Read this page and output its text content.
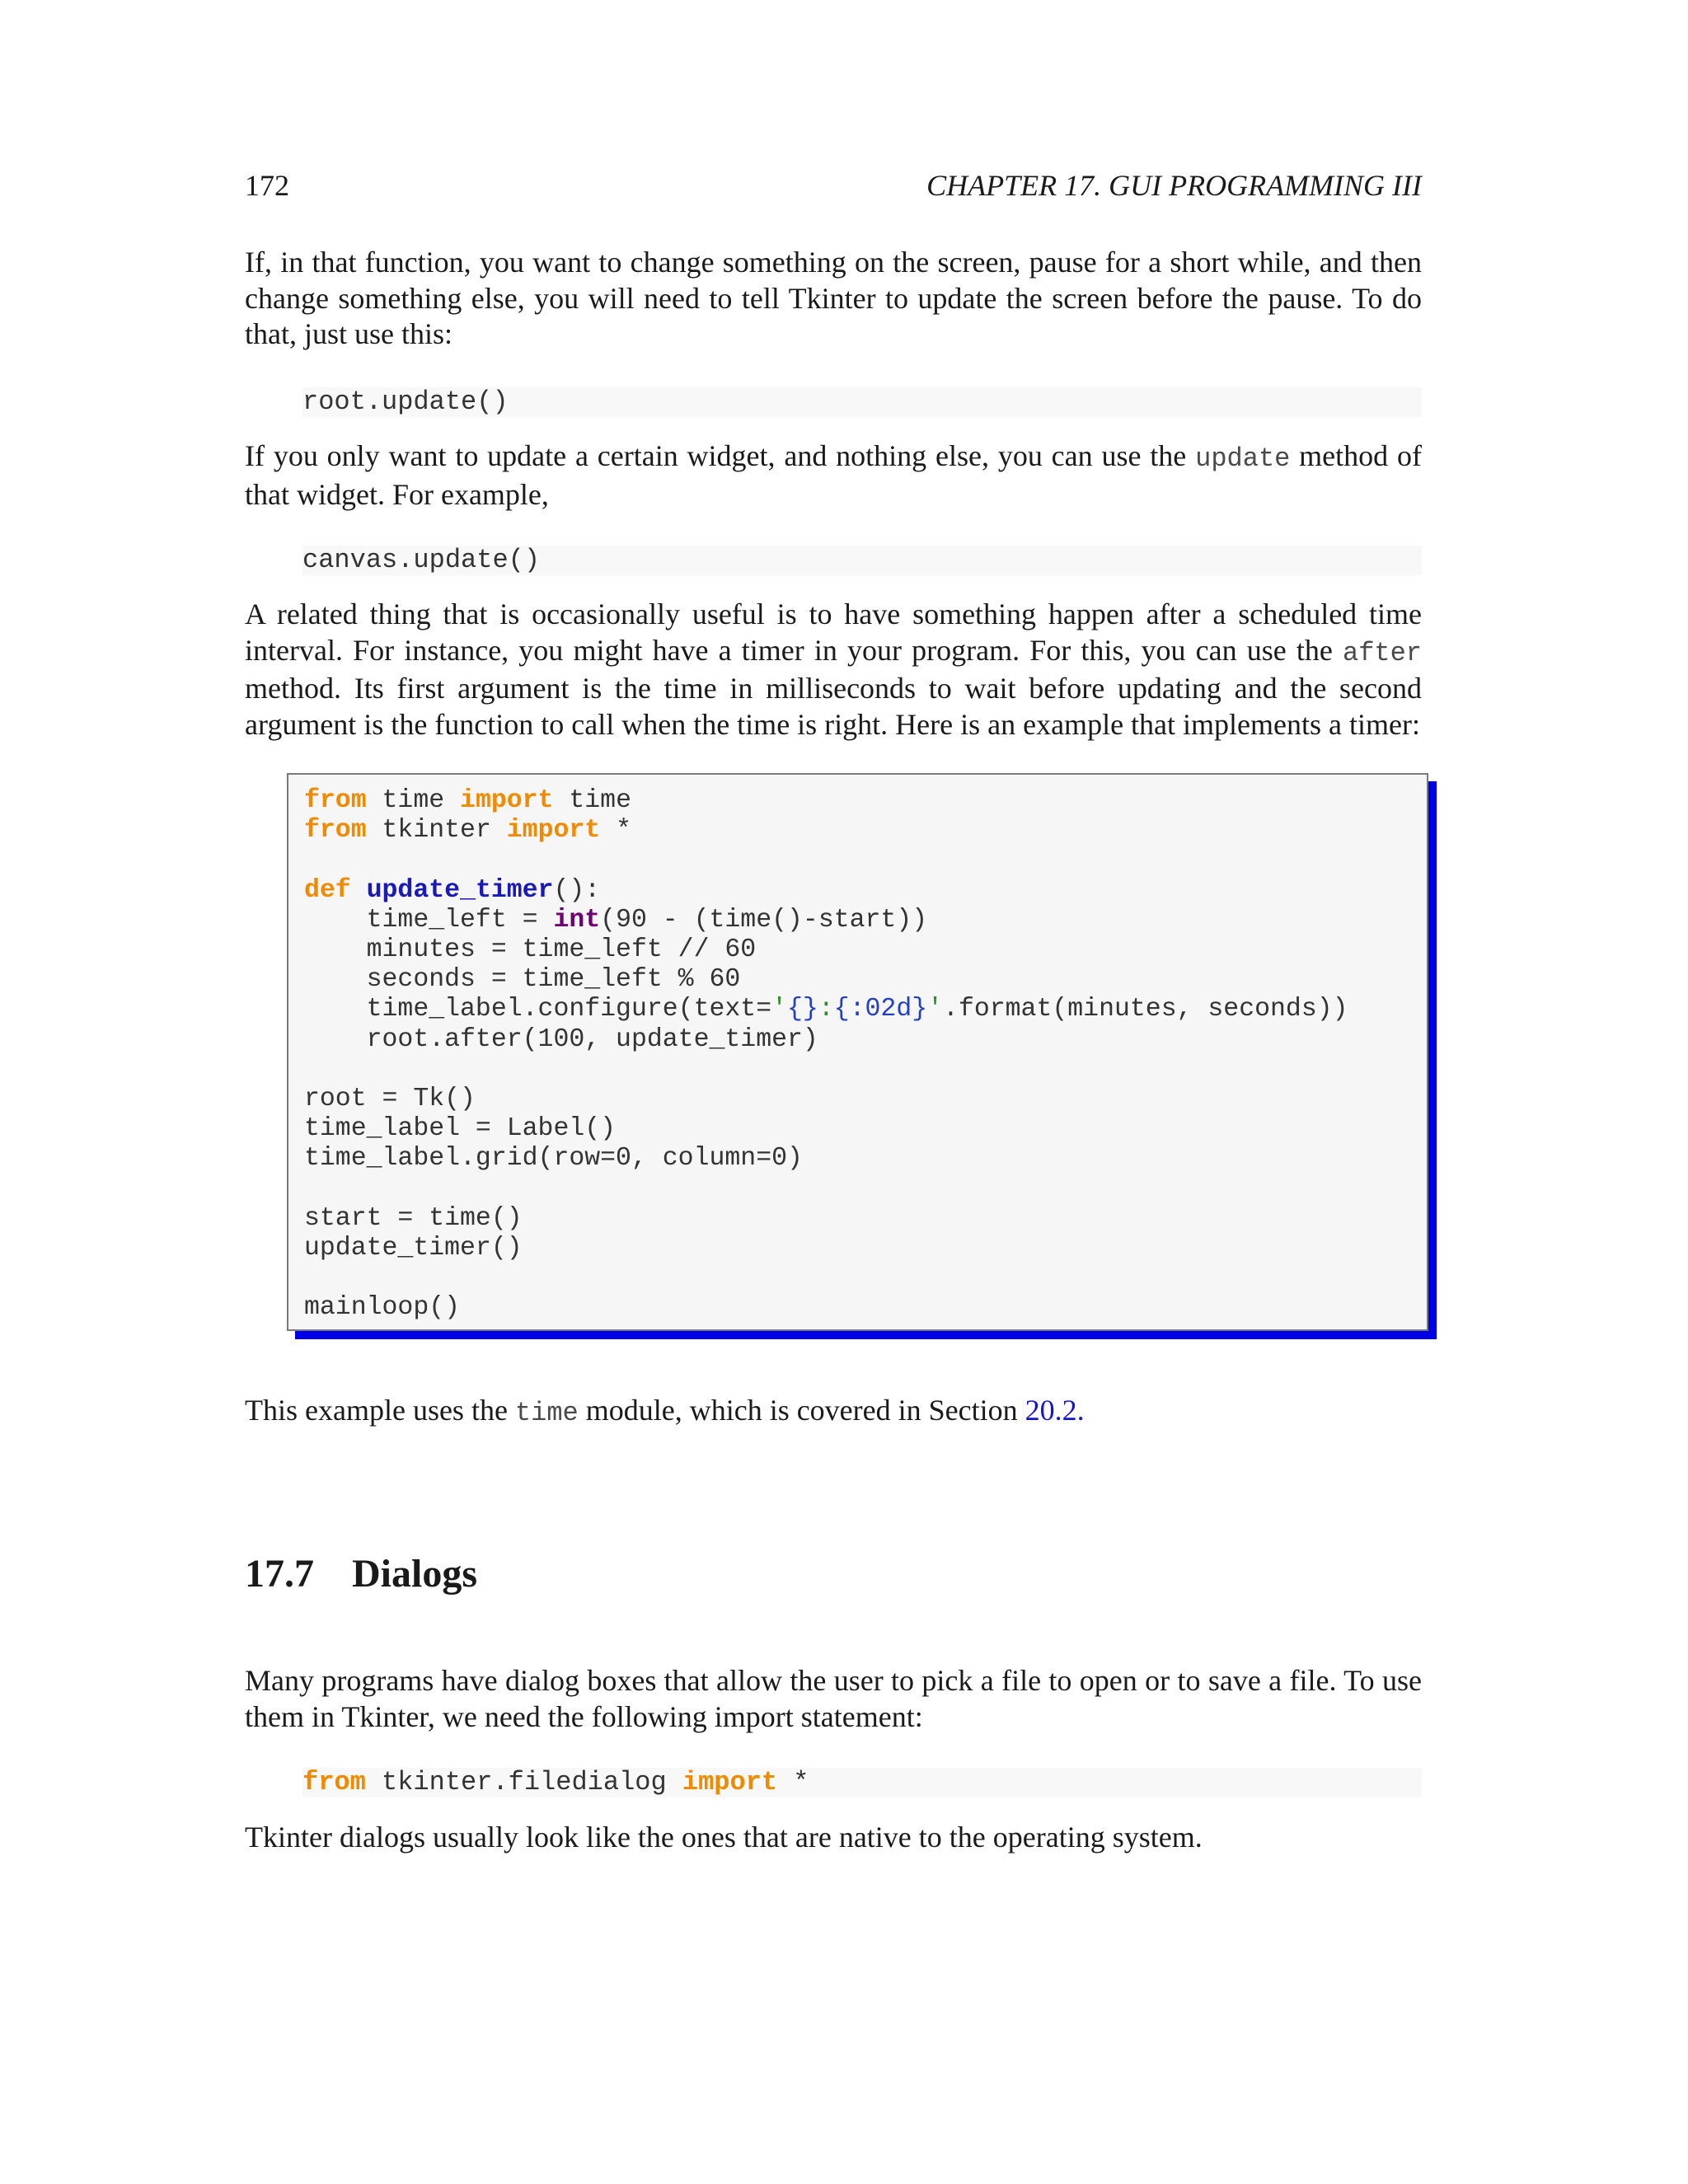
172	CHAPTER 17. GUI PROGRAMMING III
If, in that function, you want to change something on the screen, pause for a short while, and then
change something else, you will need to tell Tkinter to update the screen before the pause. To do
that, just use this:
root.update()
If you only want to update a certain widget, and nothing else, you can use the update method of
that widget. For example,
canvas.update()
A related thing that is occasionally useful is to have something happen after a scheduled time
interval. For instance, you might have a timer in your program. For this, you can use the after
method. Its first argument is the time in milliseconds to wait before updating and the second
argument is the function to call when the time is right. Here is an example that implements a timer:
from time import time
from tkinter import *

def update_timer():
time_left = int(90 - (time()-start))
minutes = time_left // 60
seconds = time_left % 60
time_label.configure(text='{}:{:02d}'.format(minutes, seconds))
root.after(100, update_timer)

root = Tk()
time_label = Label()
time_label.grid(row=0, column=0)

start = time()
update_timer()

mainloop()
This example uses the time module, which is covered in Section 20.2.
17.7 Dialogs
Many programs have dialog boxes that allow the user to pick a file to open or to save a file. To use
them in Tkinter, we need the following import statement:
from tkinter.filedialog import *
Tkinter dialogs usually look like the ones that are native to the operating system.
